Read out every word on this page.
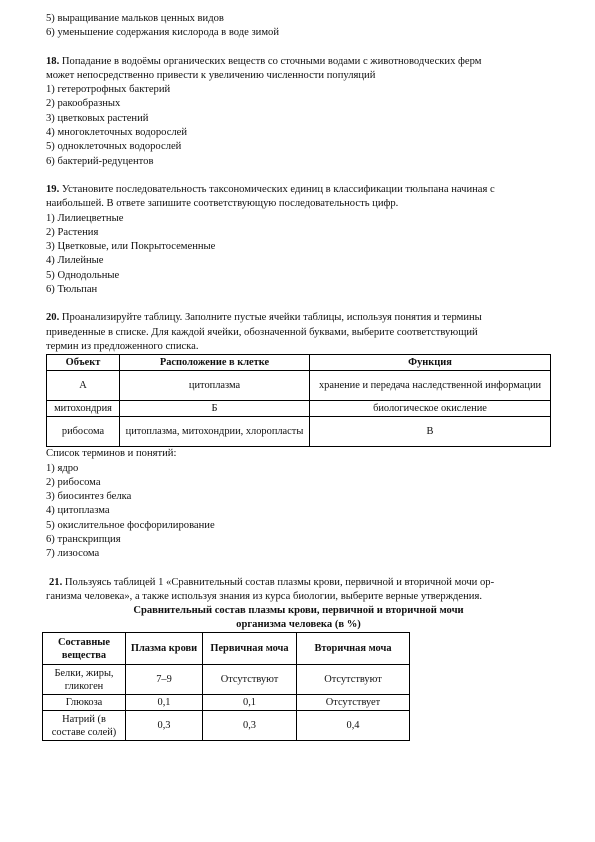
5) выращивание мальков ценных видов
6) уменьшение содержания кислорода в воде зимой
18. Попадание в водоёмы органических веществ со сточными водами с животноводческих ферм
может непосредственно привести к увеличению численности популяций
1) гетеротрофных бактерий
2) ракообразных
3) цветковых растений
4) многоклеточных водорослей
5) одноклеточных водорослей
6) бактерий-редуцентов
19. Установите последовательность таксономических единиц в классификации тюльпана начиная с
наибольшей. В ответе запишите соответствующую последовательность цифр.
1) Лилиецветные
2) Растения
3) Цветковые, или Покрытосеменные
4) Лилейные
5) Однодольные
6) Тюльпан
20. Проанализируйте таблицу. Заполните пустые ячейки таблицы, используя понятия и термины
приведенные в списке. Для каждой ячейки, обозначенной буквами, выберите соответствующий
термин из предложенного списка.
Объект	Расположение в клетке	Функция
А	цитоплазма	хранение и передача наследственной информации
митохондрия	Б	биологическое окисление
рибосома	цитоплазма, митохондрии, хлоропласты	В
Список терминов и понятий:
1) ядро
2) рибосома
3) биосинтез белка
4) цитоплазма
5) окислительное фосфорилирование
6) транскрипция
7) лизосома
21. Пользуясь таблицей 1 «Сравнительный состав плазмы крови, первичной и вторичной мочи ор-
ганизма человека», а также используя знания из курса биологии, выберите верные утверждения.
Сравнительный состав плазмы крови, первичной и вторичной мочи
организма человека (в %)
Составные вещества	Плазма крови	Первичная моча	Вторичная моча
Белки, жиры, гликоген	7–9	Отсутствуют	Отсутствуют
Глюкоза	0,1	0,1	Отсутствует
Натрий (в составе солей)	0,3	0,3	0,4
